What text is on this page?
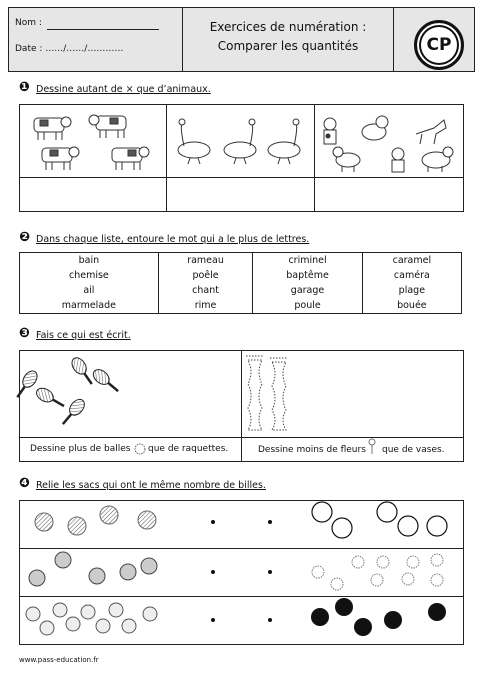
Nom :
Date : ……/……/…………
Exercices de numération :
Comparer les quantités	CP
❶ Dessine autant de × que d’animaux.
❷ Dans chaque liste, entoure le mot qui a le plus de lettres.
bain	rameau	criminel	caramel
chemise	poêle	baptême	caméra
ail	chant	garage	plage
marmelade	rime	poule	bouée
❸ Fais ce qui est écrit.
Dessine plus de balles que de raquettes.	Dessine moins de fleurs que de vases.
❹ Relie les sacs qui ont le même nombre de billes.
www.pass-education.fr
